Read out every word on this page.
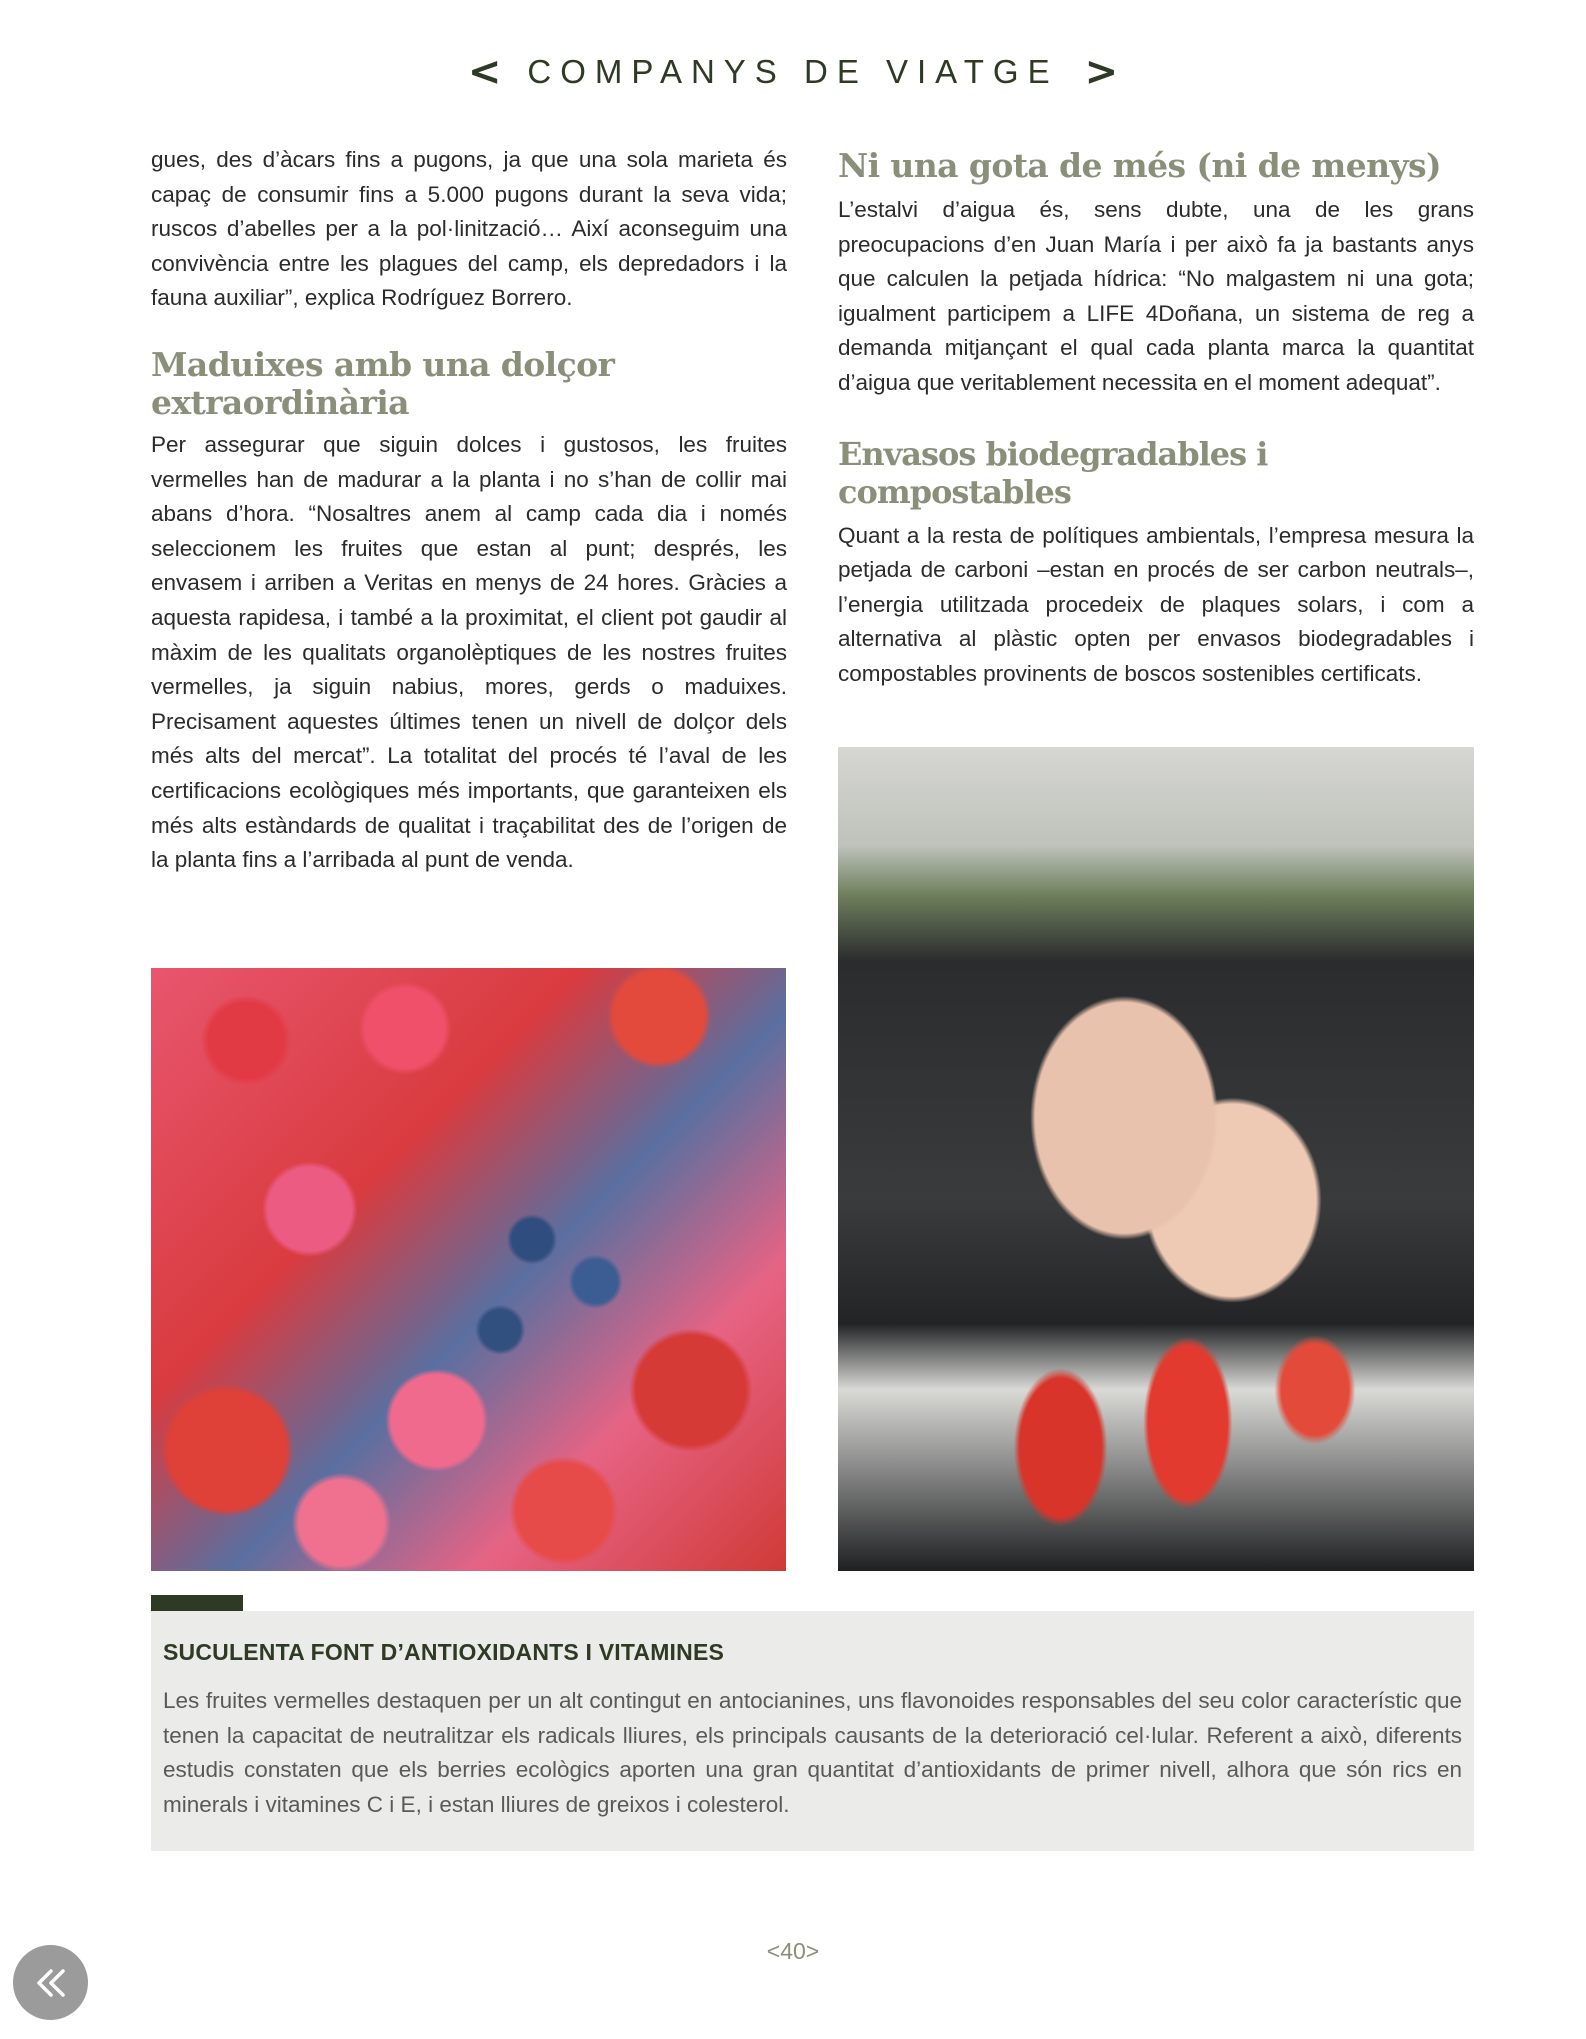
< COMPANYS DE VIATGE >

gues, des d’àcars fins a pugons, ja que una sola marieta és capaç de consumir fins a 5.000 pugons durant la seva vida; ruscos d’abelles per a la pol·linització… Així aconseguim una convivència entre les plagues del camp, els depredadors i la fauna auxiliar”, explica Rodríguez Borrero.

Maduixes amb una dolçor extraordinària

Per assegurar que siguin dolces i gustosos, les fruites vermelles han de madurar a la planta i no s’han de collir mai abans d’hora. “Nosaltres anem al camp cada dia i només seleccionem les fruites que estan al punt; després, les envasem i arriben a Veritas en menys de 24 hores. Gràcies a aquesta rapidesa, i també a la proximitat, el client pot gaudir al màxim de les qualitats organolèptiques de les nostres fruites vermelles, ja siguin nabius, mores, gerds o maduixes. Precisament aquestes últimes tenen un nivell de dolçor dels més alts del mercat”. La totalitat del procés té l’aval de les certificacions ecològiques més importants, que garanteixen els més alts estàndards de qualitat i traçabilitat des de l’origen de la planta fins a l’arribada al punt de venda.

Ni una gota de més (ni de menys)

L’estalvi d’aigua és, sens dubte, una de les grans preocupacions d’en Juan María i per això fa ja bastants anys que calculen la petjada hídrica: “No malgastem ni una gota; igualment participem a LIFE 4Doñana, un sistema de reg a demanda mitjançant el qual cada planta marca la quantitat d’aigua que veritablement necessita en el moment adequat”.

Envasos biodegradables i compostables

Quant a la resta de polítiques ambientals, l’empresa mesura la petjada de carboni –estan en procés de ser carbon neutrals–, l’energia utilitzada procedeix de plaques solars, i com a alternativa al plàstic opten per envasos biodegradables i compostables provinents de boscos sostenibles certificats.

SUCULENTA FONT D’ANTIOXIDANTS I VITAMINES

Les fruites vermelles destaquen per un alt contingut en antocianines, uns flavonoides responsables del seu color característic que tenen la capacitat de neutralitzar els radicals lliures, els principals causants de la deterioració cel·lular. Referent a això, diferents estudis constaten que els berries ecològics aporten una gran quantitat d’antioxidants de primer nivell, alhora que són rics en minerals i vitamines C i E, i estan lliures de greixos i colesterol.

<40>
